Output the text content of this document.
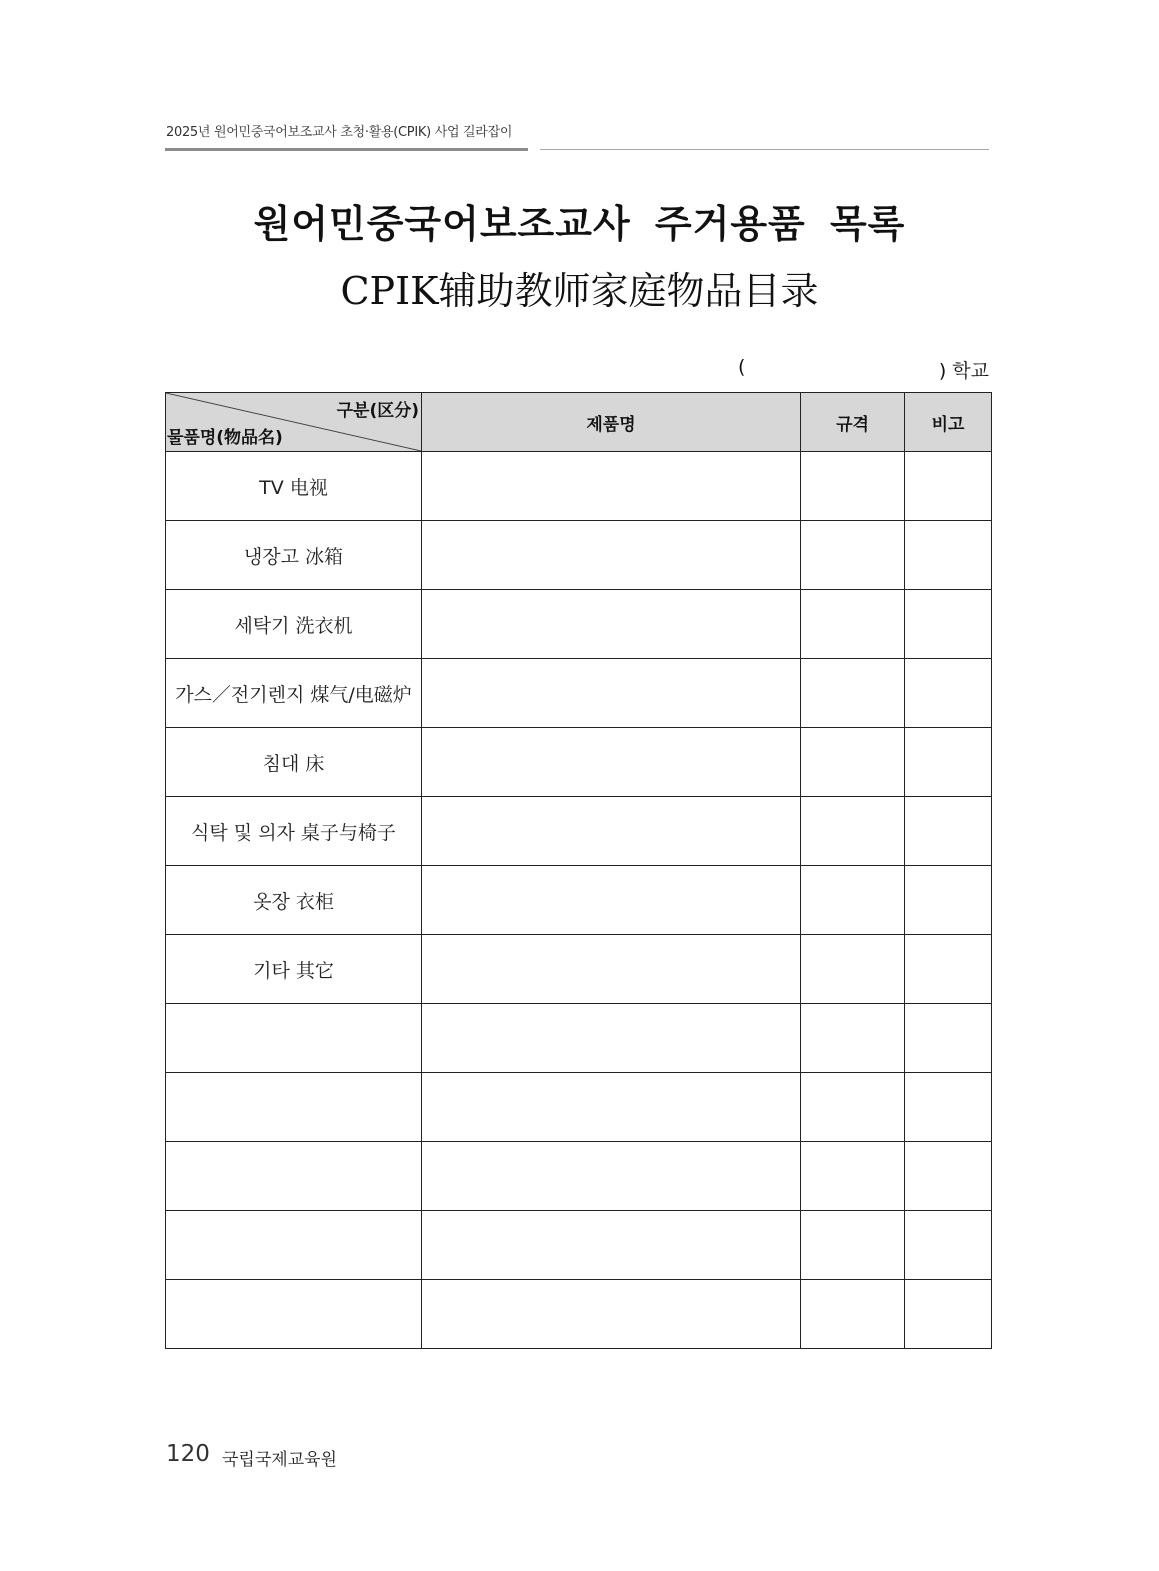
2025년 원어민중국어보조교사 초청·활용(CPIK) 사업 길라잡이
원어민중국어보조교사 주거용품 목록
CPIK辅助教师家庭物品目录
(	) 학교
구분(区分)
물품명(物品名)	제품명	규격	비고
TV 电视			
냉장고 冰箱			
세탁기 洗衣机			
가스／전기렌지 煤气/电磁炉			
침대 床			
식탁 및 의자 桌子与椅子			
옷장 衣柜			
기타 其它			

120 국립국제교육원
